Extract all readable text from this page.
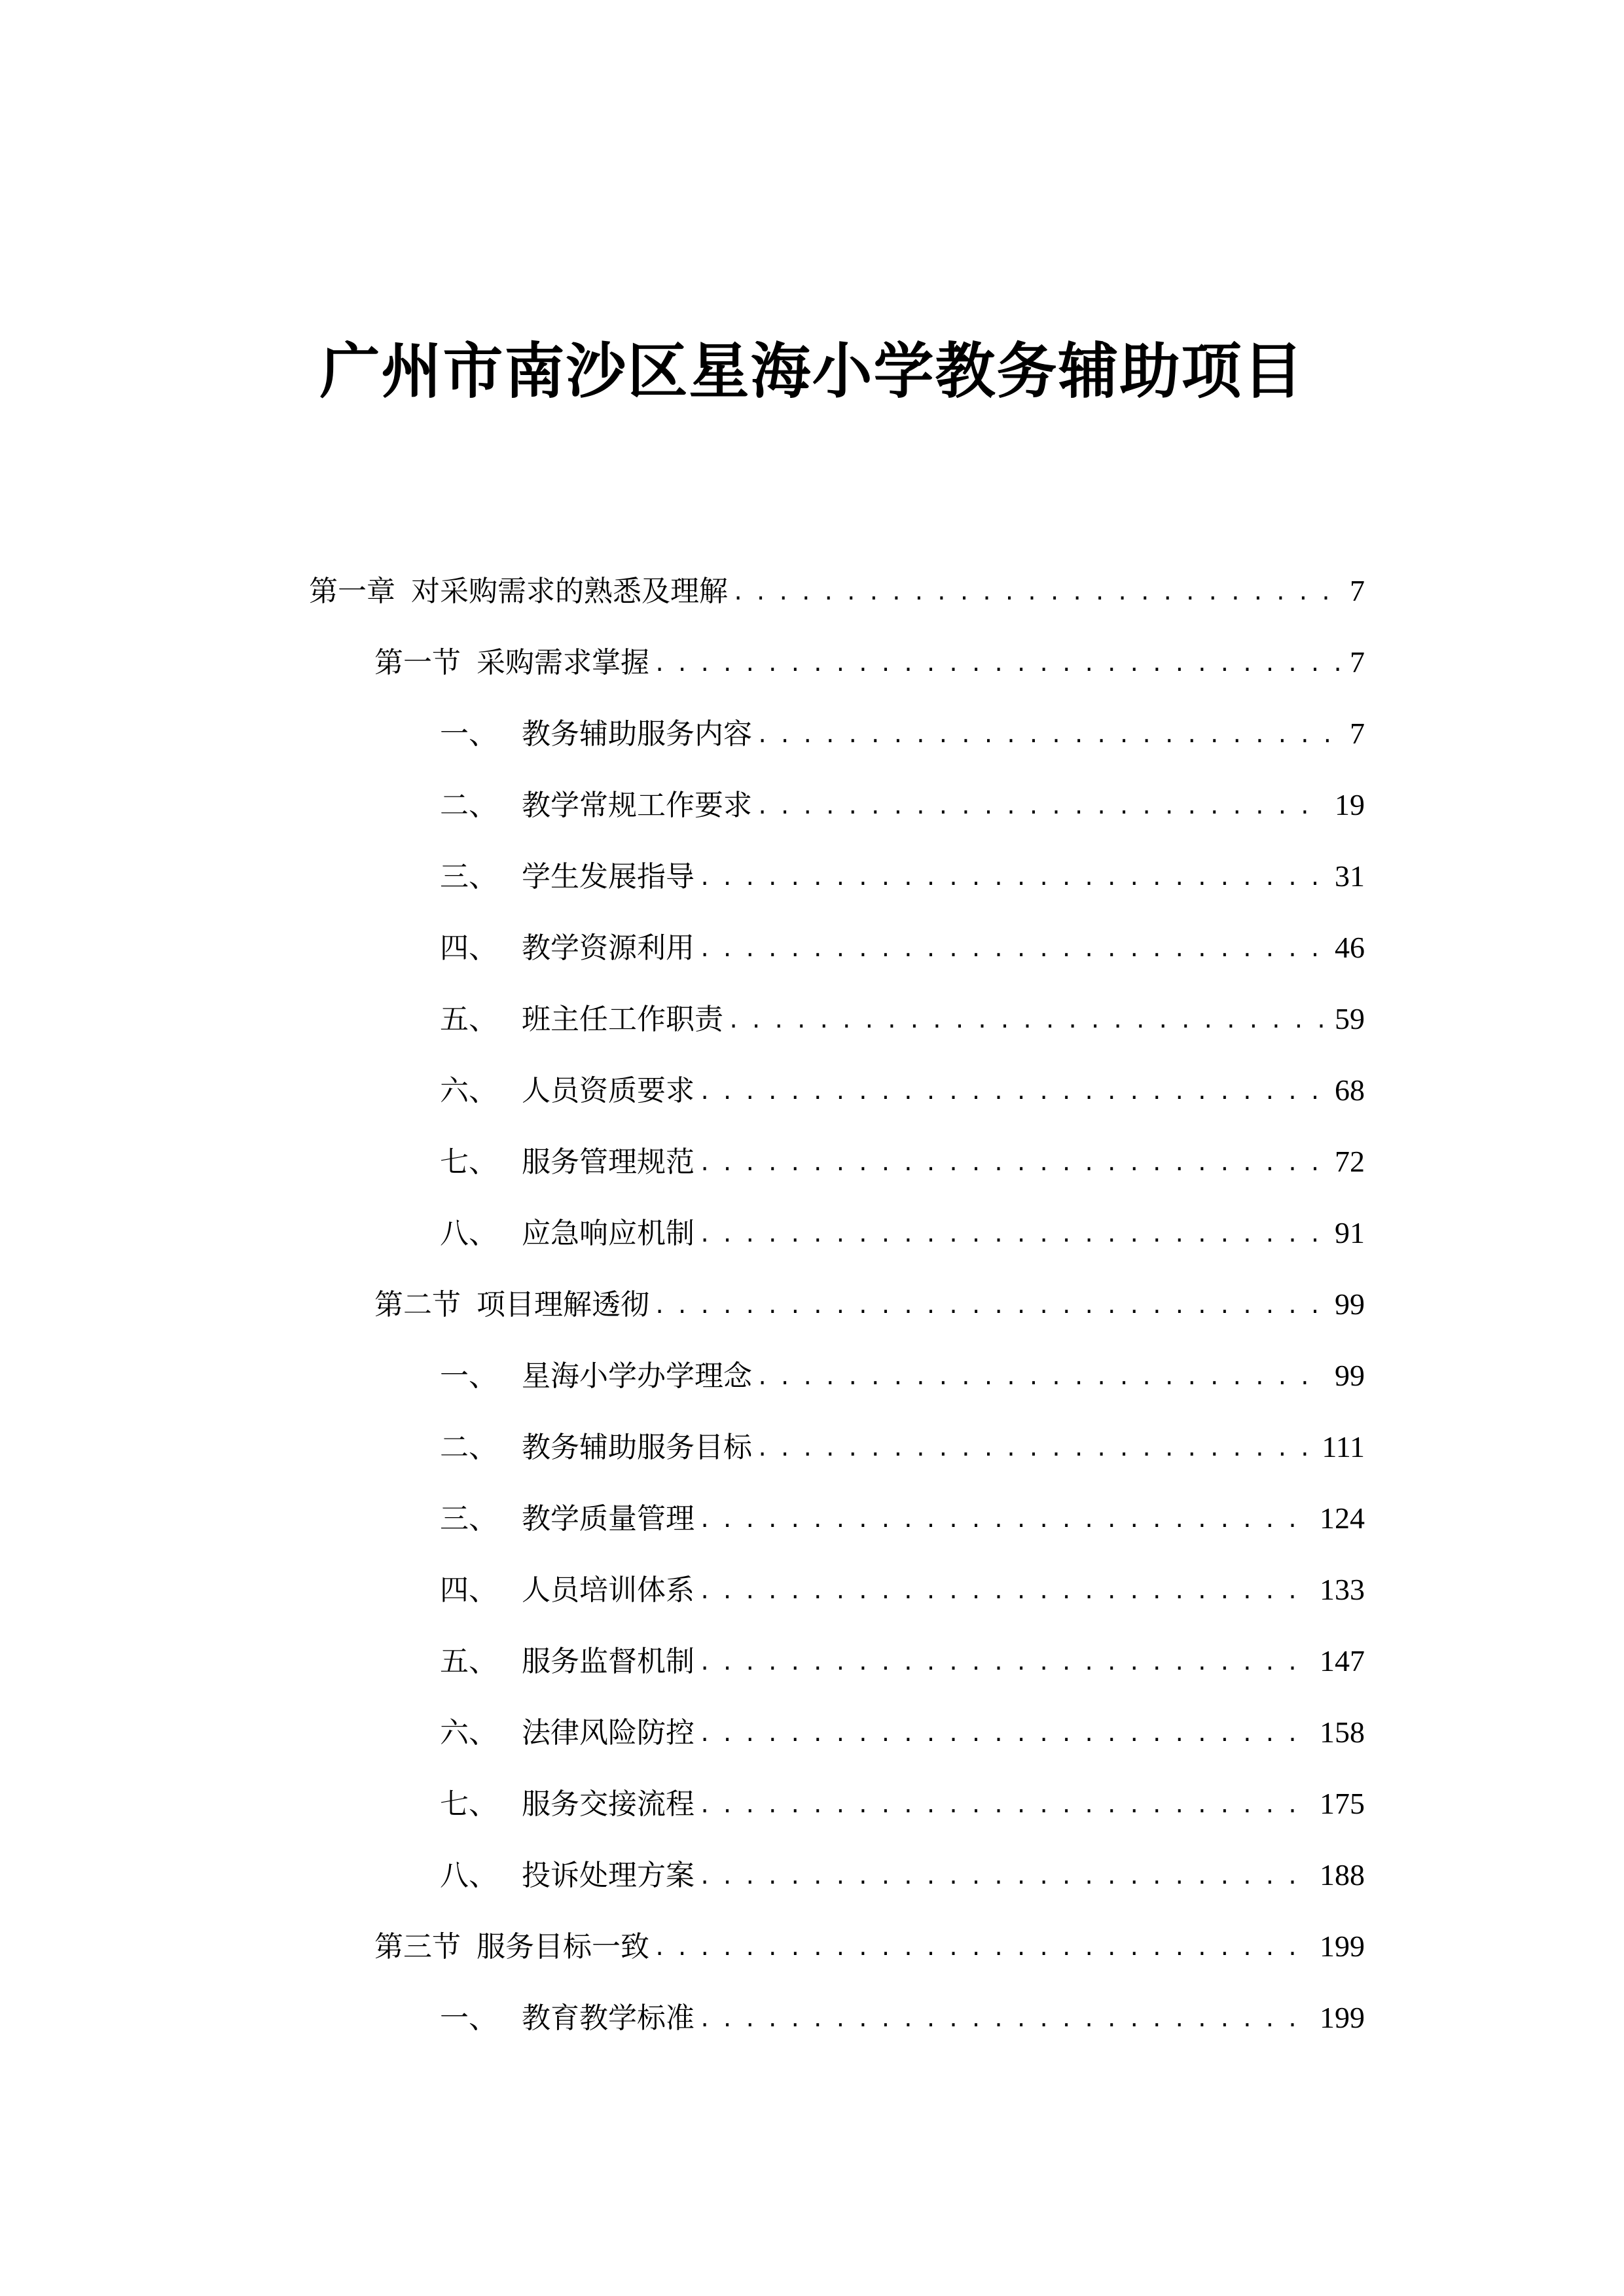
广州市南沙区星海小学教务辅助项目
第一章 对采购需求的熟悉及理解 . . .	7
第一节 采购需求掌握 . . .	7
一、 教务辅助服务内容 . . .	7
二、 教学常规工作要求 . . .	19
三、 学生发展指导 . . .	31
四、 教学资源利用 . . .	46
五、 班主任工作职责 . . .	59
六、 人员资质要求 . . .	68
七、 服务管理规范 . . .	72
八、 应急响应机制 . . .	91
第二节 项目理解透彻 . . .	99
一、 星海小学办学理念 . . .	99
二、 教务辅助服务目标 . . .	111
三、 教学质量管理 . . .	124
四、 人员培训体系 . . .	133
五、 服务监督机制 . . .	147
六、 法律风险防控 . . .	158
七、 服务交接流程 . . .	175
八、 投诉处理方案 . . .	188
第三节 服务目标一致 . . .	199
一、 教育教学标准 . . .	199
